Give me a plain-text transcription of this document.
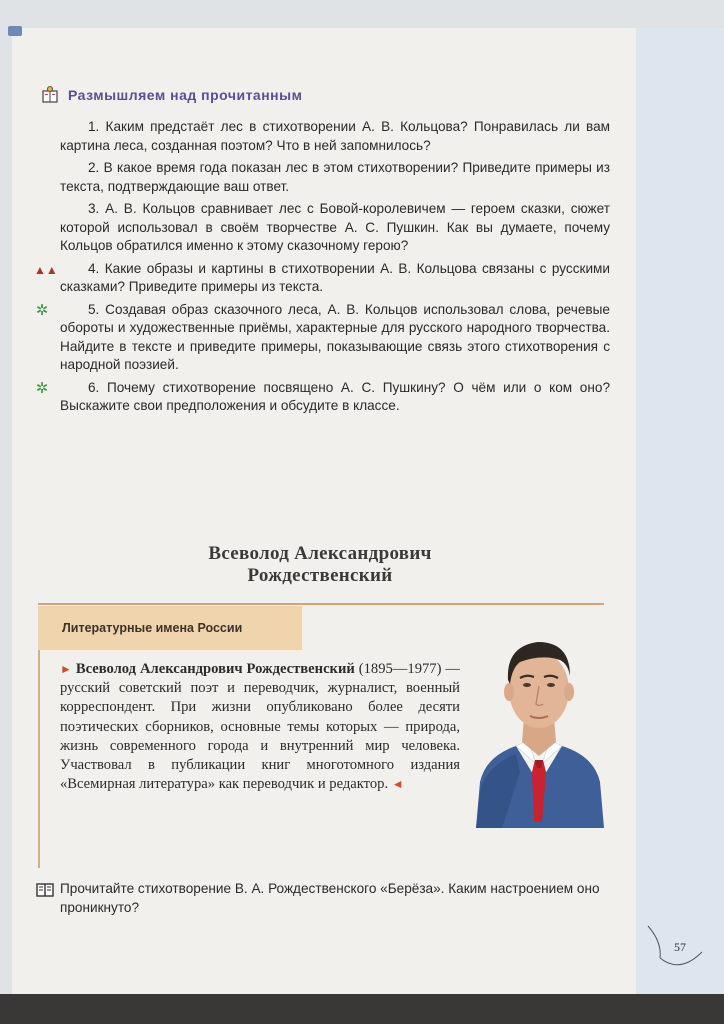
Размышляем над прочитанным

1. Каким предстаёт лес в стихотворении А. В. Кольцова? Понравилась ли вам картина леса, созданная поэтом? Что в ней запомнилось?

2. В какое время года показан лес в этом стихотворении? Приведите примеры из текста, подтверждающие ваш ответ.

3. А. В. Кольцов сравнивает лес с Бовой-королевичем — героем сказки, сюжет которой использовал в своём творчестве А. С. Пушкин. Как вы думаете, почему Кольцов обратился именно к этому сказочному герою?

▲▲ 4. Какие образы и картины в стихотворении А. В. Кольцова связаны с русскими сказками? Приведите примеры из текста.

✲	5. Создавая образ сказочного леса, А. В. Кольцов использовал слова, речевые обороты и художественные приёмы, характерные для русского народного творчества. Найдите в тексте и приведите примеры, показывающие связь этого стихотворения с народной поэзией.

✲	6. Почему стихотворение посвящено А. С. Пушкину? О чём или о ком оно? Выскажите свои предположения и обсудите в классе.

Всеволод Александрович
Рождественский
Литературные имена России
► Всеволод Александрович Рождественский (1895—1977) — русский советский поэт и переводчик, журналист, военный корреспондент. При жизни опубликовано более десяти поэтических сборников, основные темы которых — природа, жизнь современного города и внутренний мир человека. Участвовал в публикации книг многотомного издания «Всемирная литература» как переводчик и редактор. ◄
Прочитайте стихотворение В. А. Рождественского «Берёза». Каким настроением оно проникнуто?
57
